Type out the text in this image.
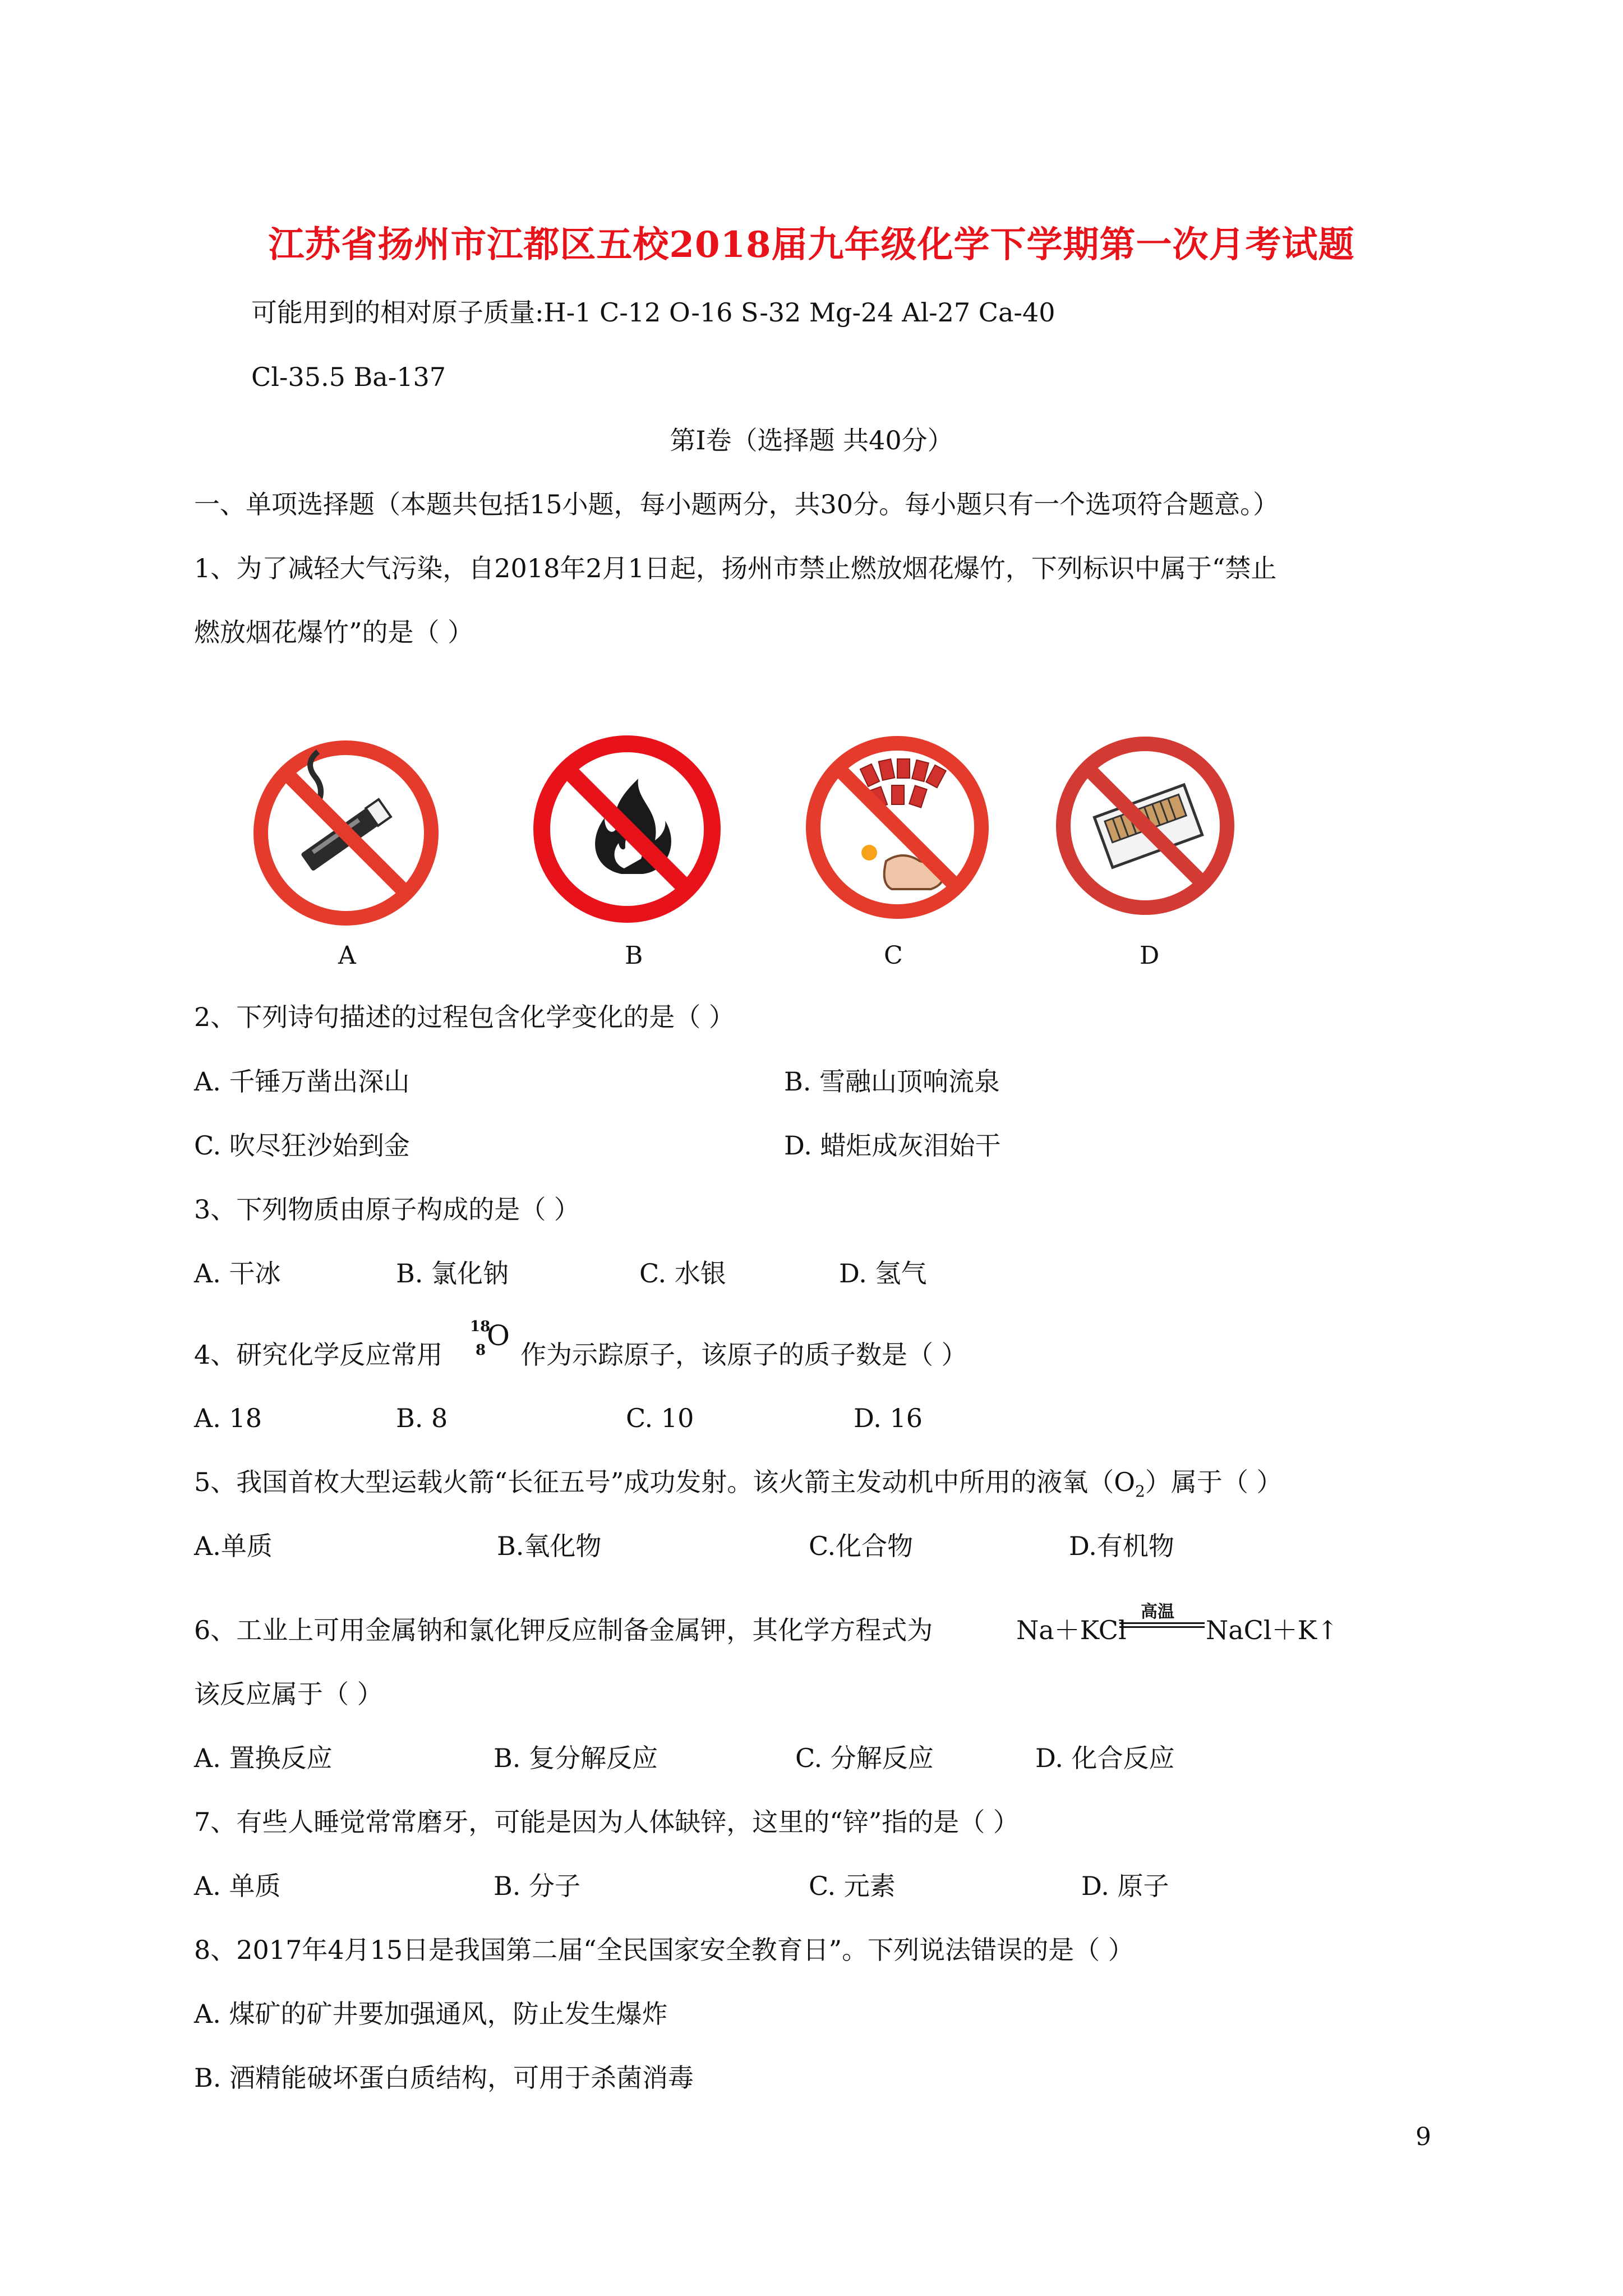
江苏省扬州市江都区五校2018届九年级化学下学期第一次月考试题
可能用到的相对原子质量:H-1 C-12 O-16 S-32 Mg-24 Al-27 Ca-40
Cl-35.5 Ba-137
第Ⅰ卷（选择题 共40分）
一、单项选择题（本题共包括15小题，每小题两分，共30分。每小题只有一个选项符合题意。）
1、为了减轻大气污染，自2018年2月1日起，扬州市禁止燃放烟花爆竹，下列标识中属于“禁止
燃放烟花爆竹”的是（ ）
A	B	C	D
2、下列诗句描述的过程包含化学变化的是（ ）
A. 千锤万凿出深山	B. 雪融山顶响流泉
C. 吹尽狂沙始到金	D. 蜡炬成灰泪始干
3、下列物质由原子构成的是（ ）
A. 干冰	B. 氯化钠	C. 水银	D. 氢气
4、研究化学反应常用
18
8 O
作为示踪原子，该原子的质子数是（ ）
A. 18	B. 8	C. 10	D. 16
5、我国首枚大型运载火箭“长征五号”成功发射。该火箭主发动机中所用的液氧$(O_2)$属于（ ）
A.单质	B.氧化物	C.化合物	D.有机物
6、工业上可用金属钠和氯化钾反应制备金属钾，其化学方程式为	Na＋KCl
高温
NaCl＋K↑
该反应属于（ ）
A. 置换反应	B. 复分解反应	C. 分解反应	D. 化合反应
7、有些人睡觉常常磨牙，可能是因为人体缺锌，这里的“锌”指的是（ ）
A. 单质	B. 分子	C. 元素	D. 原子
8、2017年4月15日是我国第二届“全民国家安全教育日”。下列说法错误的是（ ）
A. 煤矿的矿井要加强通风，防止发生爆炸
B. 酒精能破坏蛋白质结构，可用于杀菌消毒
9
